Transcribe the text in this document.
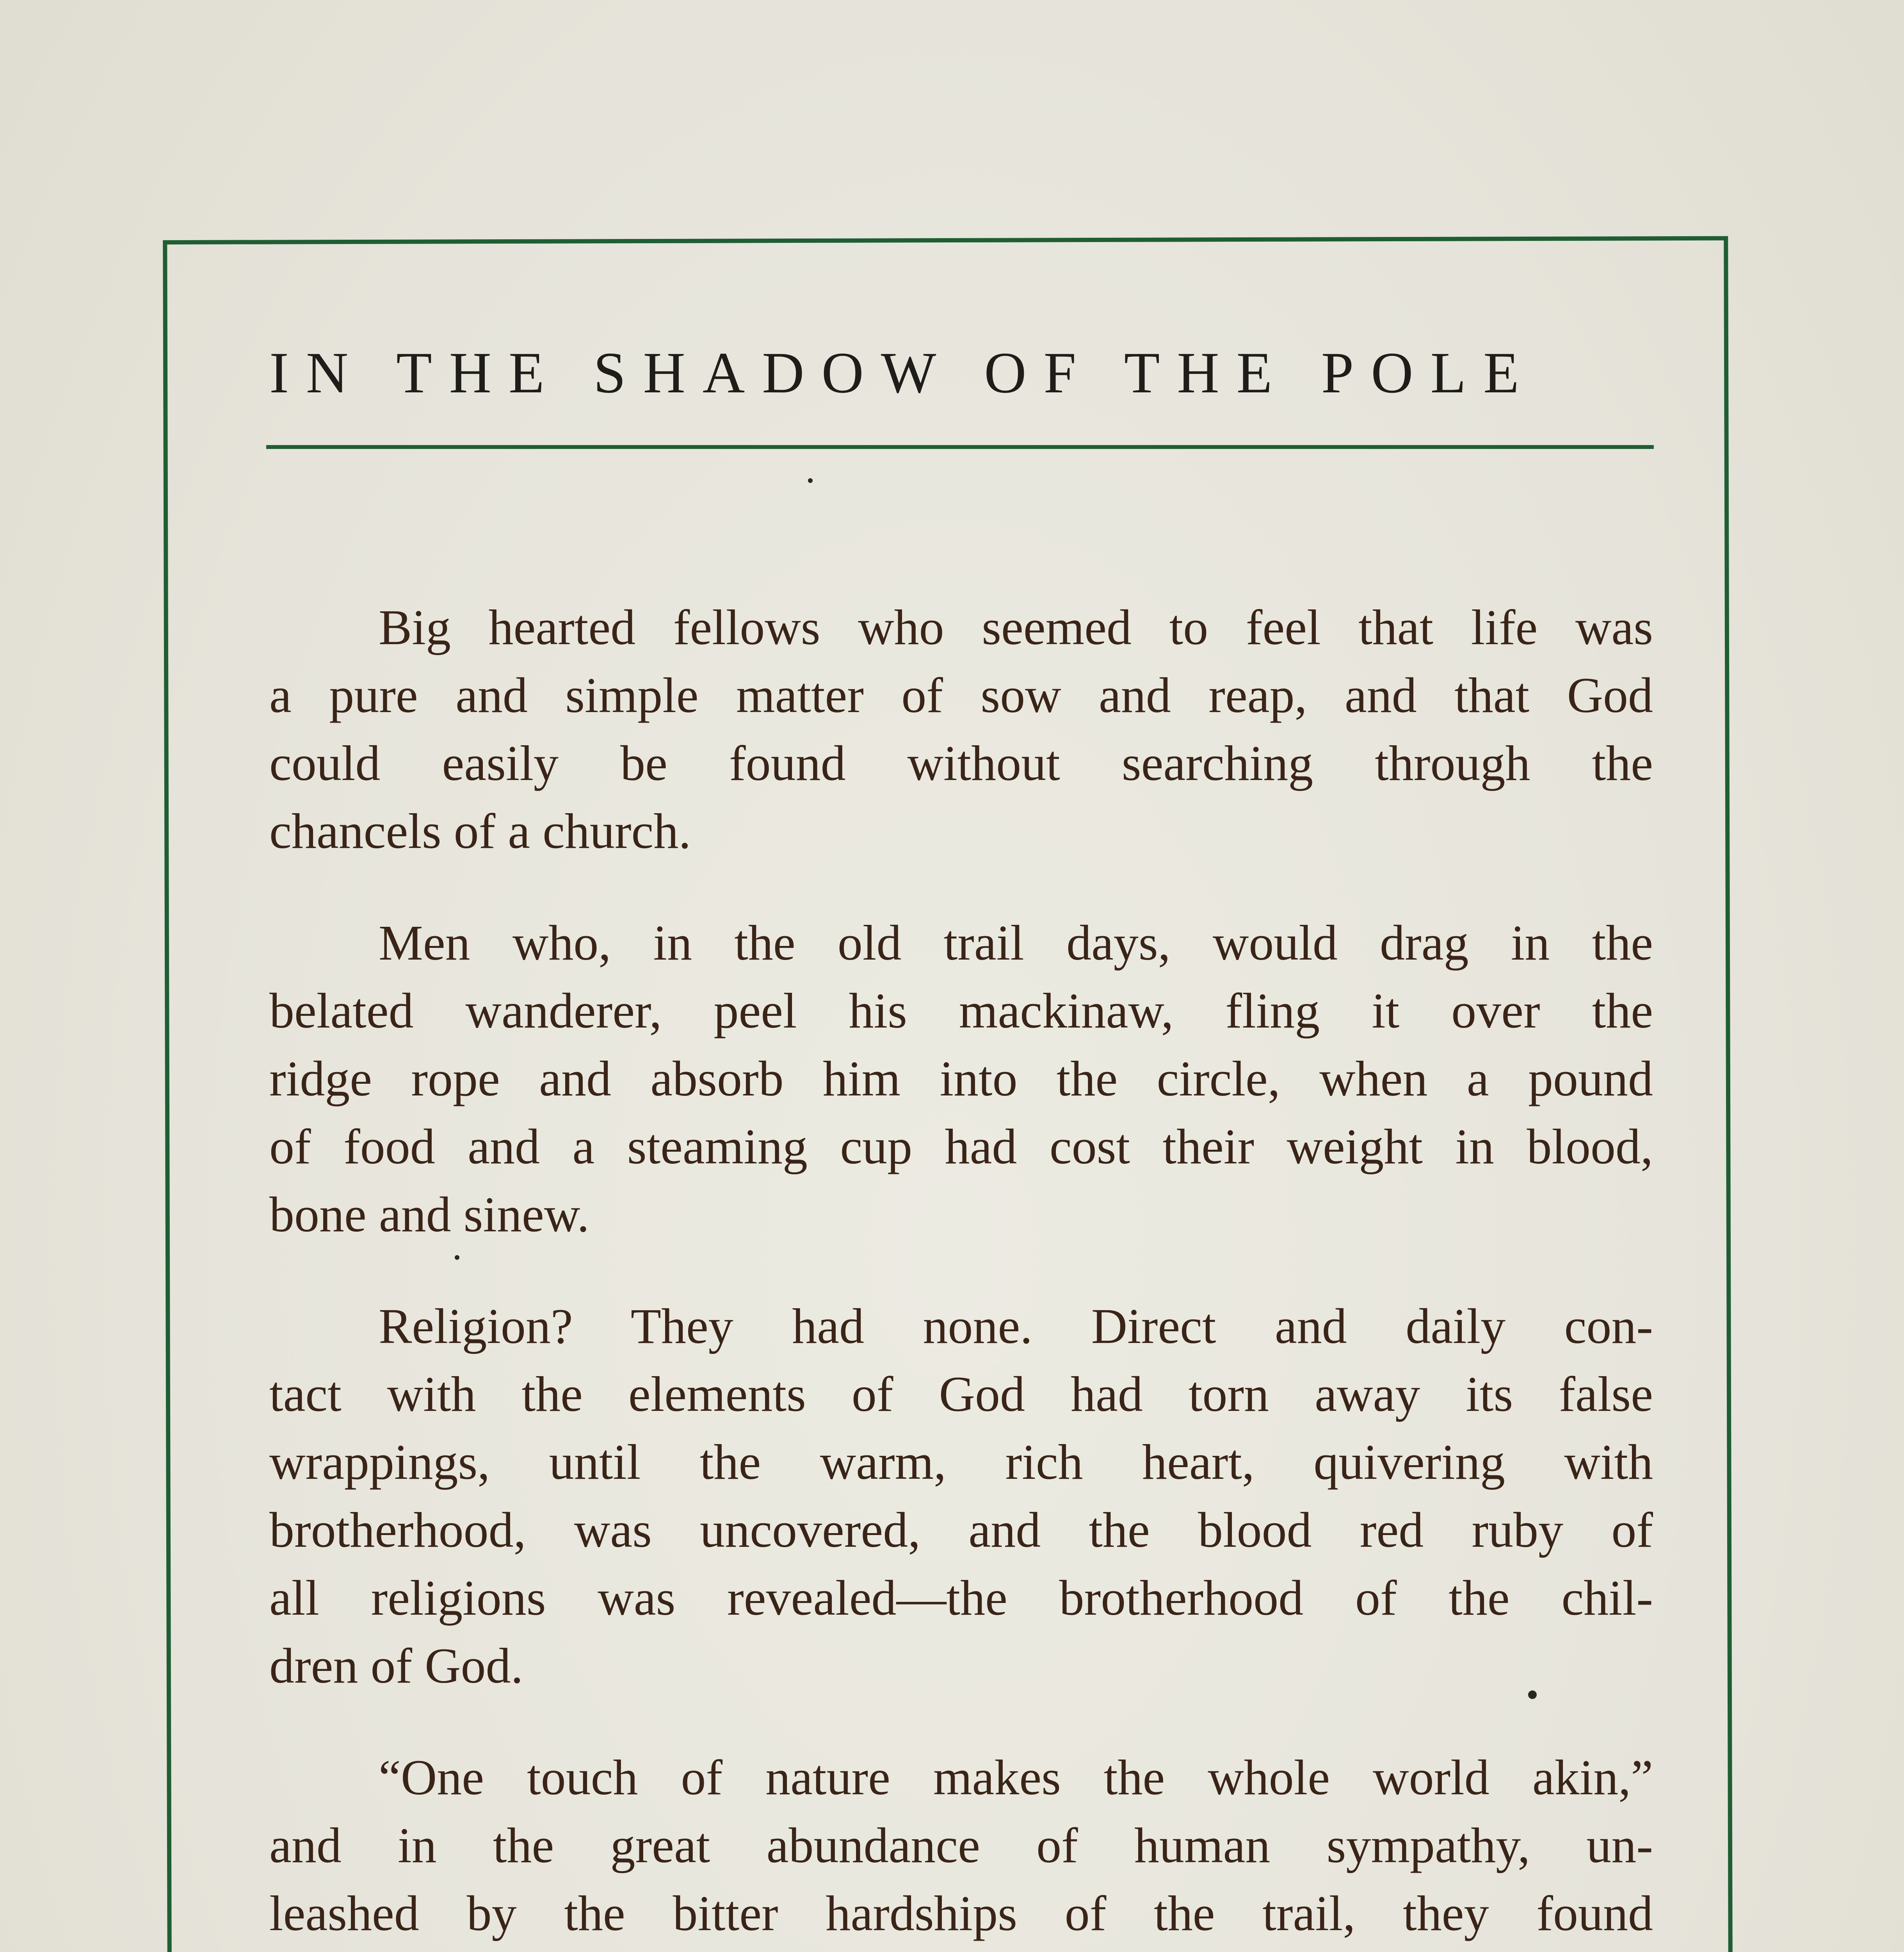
IN THE SHADOW OF THE POLE

Big hearted fellows who seemed to feel that life was
a pure and simple matter of sow and reap, and that God
could easily be found without searching through the
chancels of a church.

Men who, in the old trail days, would drag in the
belated wanderer, peel his mackinaw, fling it over the
ridge rope and absorb him into the circle, when a pound
of food and a steaming cup had cost their weight in blood,
bone and sinew.

Religion? They had none. Direct and daily con-
tact with the elements of God had torn away its false
wrappings, until the warm, rich heart, quivering with
brotherhood, was uncovered, and the blood red ruby of
all religions was revealed—the brotherhood of the chil-
dren of God.

“One touch of nature makes the whole world akin,”
and in the great abundance of human sympathy, un-
leashed by the bitter hardships of the trail, they found
